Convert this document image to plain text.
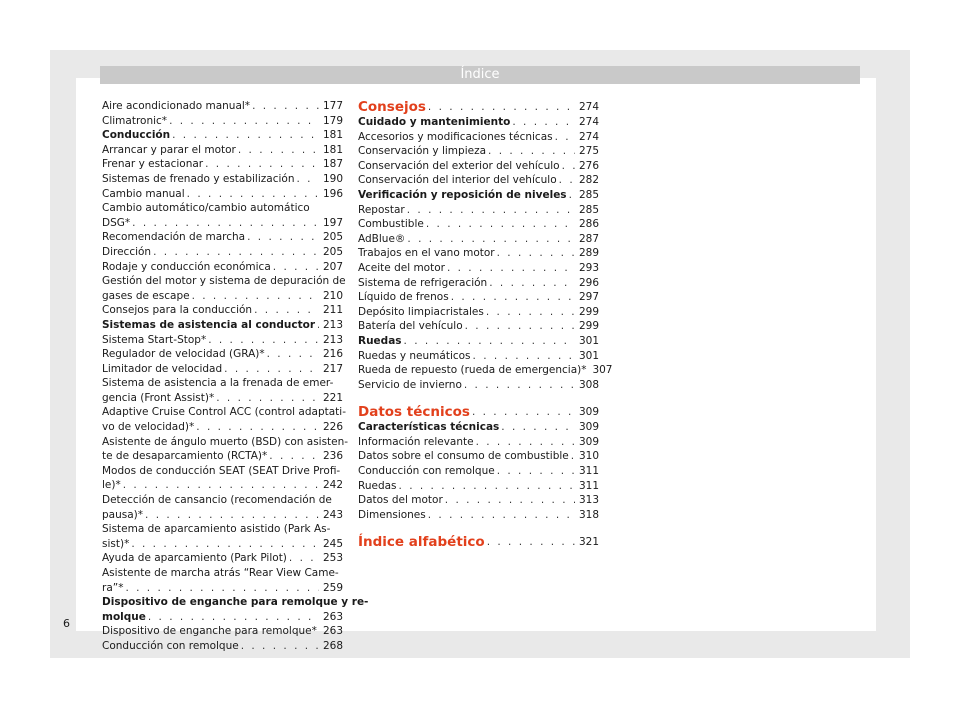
Índice
Aire acondicionado manual* . . .	177
Climatronic* . . .	179
Conducción . . .	181
Arrancar y parar el motor . . .	181
Frenar y estacionar . . .	187
Sistemas de frenado y estabilización . . .	190
Cambio manual . . .	196
Cambio automático/cambio automático
DSG* . . .	197
Recomendación de marcha . . .	205
Dirección . . .	205
Rodaje y conducción económica . . .	207
Gestión del motor y sistema de depuración de
gases de escape . . .	210
Consejos para la conducción . . .	211
Sistemas de asistencia al conductor . . . 213
Sistema Start-Stop* . . .	213
Regulador de velocidad (GRA)* . . .	216
Limitador de velocidad . . .	217
Sistema de asistencia a la frenada de emer-
gencia (Front Assist)* . . .	221
Adaptive Cruise Control ACC (control adaptati-
vo de velocidad)* . . .	226
Asistente de ángulo muerto (BSD) con asisten-
te de desaparcamiento (RCTA)* . . .	236
Modos de conducción SEAT (SEAT Drive Profi-
le)* . . .	242
Detección de cansancio (recomendación de
pausa)* . . .	243
Sistema de aparcamiento asistido (Park As-
sist)* . . .	245
Ayuda de aparcamiento (Park Pilot) . . .	253
Asistente de marcha atrás “Rear View Came-
ra”* . . .	259
Dispositivo de enganche para remolque y re-
molque . . .	263
Dispositivo de enganche para remolque* . . . 263
Conducción con remolque . . .	268
Consejos . . .	274
Cuidado y mantenimiento . . .	274
Accesorios y modificaciones técnicas . . .	274
Conservación y limpieza . . .	275
Conservación del exterior del vehículo . . .	276
Conservación del interior del vehículo . . .	282
Verificación y reposición de niveles . . .	285
Repostar . . .	285
Combustible . . .	286
AdBlue® . . .	287
Trabajos en el vano motor . . .	289
Aceite del motor . . .	293
Sistema de refrigeración . . .	296
Líquido de frenos . . .	297
Depósito limpiacristales . . .	299
Batería del vehículo . . .	299
Ruedas . . .	301
Ruedas y neumáticos . . .	301
Rueda de repuesto (rueda de emergencia)* 307
Servicio de invierno . . .	308
Datos técnicos . . .	309
Características técnicas . . .	309
Información relevante . . .	309
Datos sobre el consumo de combustible . . . 310
Conducción con remolque . . .	311
Ruedas . . .	311
Datos del motor . . .	313
Dimensiones . . .	318
Índice alfabético . . .	321
6
